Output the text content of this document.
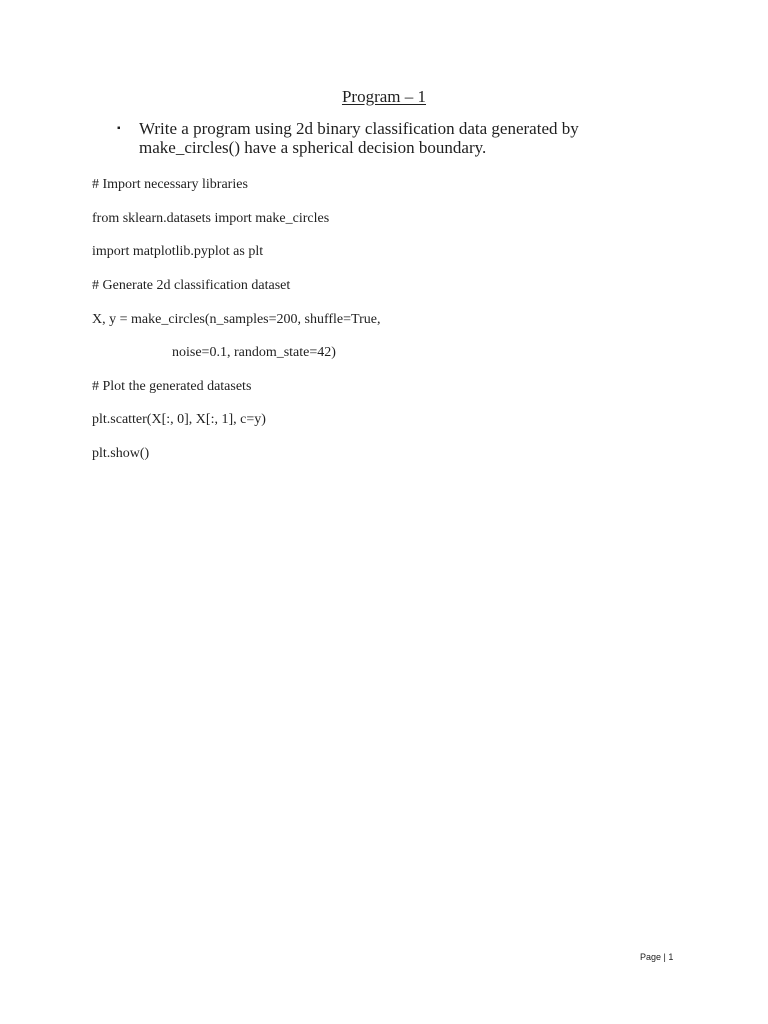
Program – 1
▪ Write a program using 2d binary classification data generated by make_circles() have a spherical decision boundary.
# Import necessary libraries
from sklearn.datasets import make_circles
import matplotlib.pyplot as plt
# Generate 2d classification dataset
X, y = make_circles(n_samples=200, shuffle=True,
noise=0.1, random_state=42)
# Plot the generated datasets
plt.scatter(X[:, 0], X[:, 1], c=y)
plt.show()
Page | 1
